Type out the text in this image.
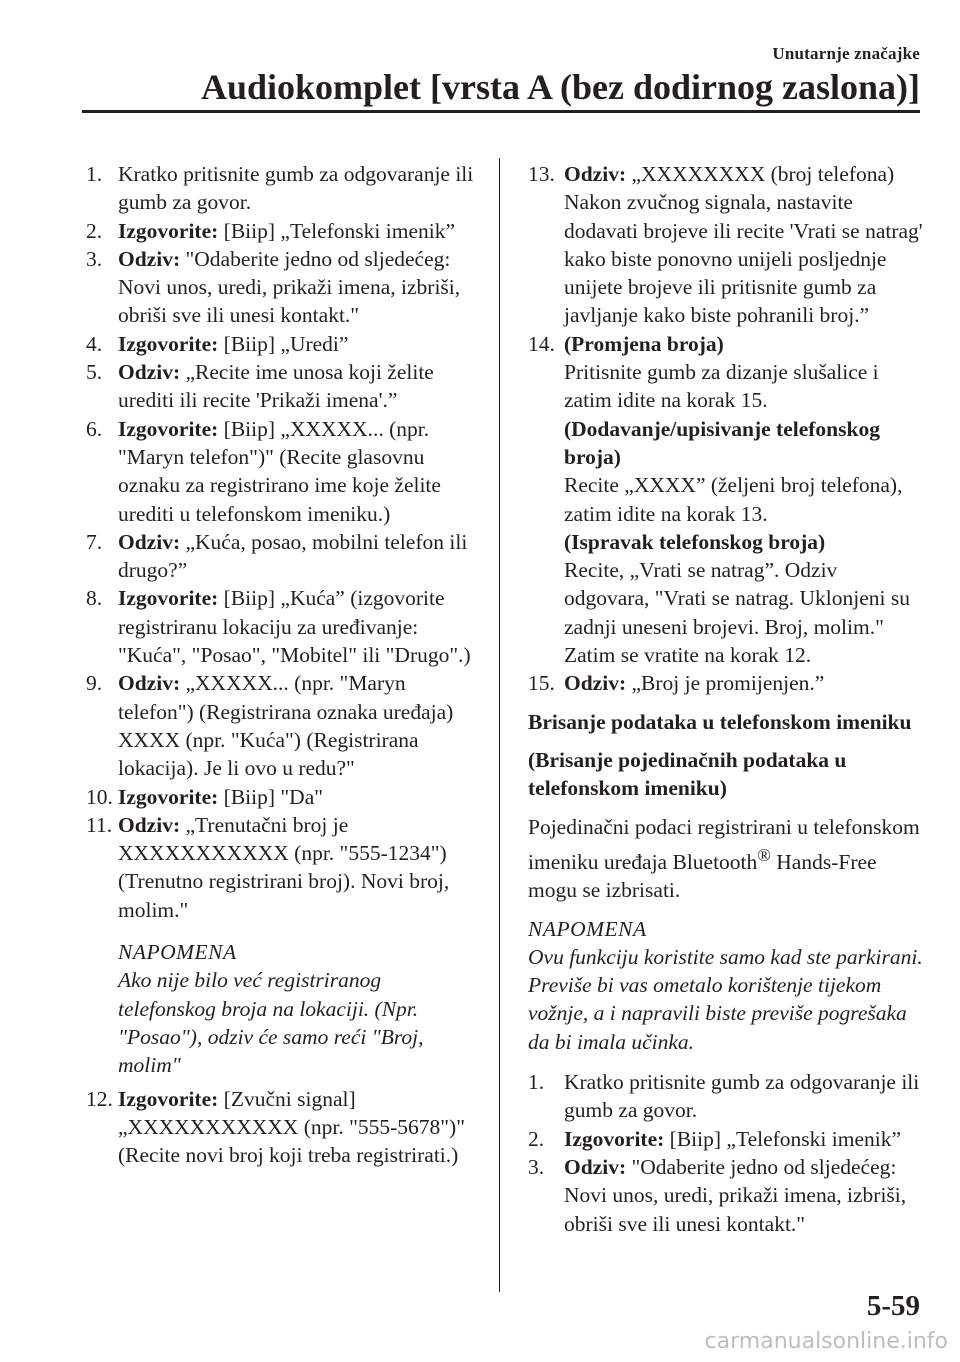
Unutarnje značajke
Audiokomplet [vrsta A (bez dodirnog zaslona)]
1. Kratko pritisnite gumb za odgovaranje ili gumb za govor.
2. Izgovorite: [Biip] „Telefonski imenik”
3. Odziv: "Odaberite jedno od sljedećeg: Novi unos, uredi, prikaži imena, izbriši, obriši sve ili unesi kontakt."
4. Izgovorite: [Biip] „Uredi”
5. Odziv: „Recite ime unosa koji želite urediti ili recite 'Prikaži imena'.”
6. Izgovorite: [Biip] „XXXXX... (npr. "Maryn telefon")" (Recite glasovnu oznaku za registrirano ime koje želite urediti u telefonskom imeniku.)
7. Odziv: „Kuća, posao, mobilni telefon ili drugo?”
8. Izgovorite: [Biip] „Kuća” (izgovorite registriranu lokaciju za uređivanje: "Kuća", "Posao", "Mobitel" ili "Drugo".)
9. Odziv: „XXXXX... (npr. "Maryn telefon") (Registrirana oznaka uređaja) XXXX (npr. "Kuća") (Registrirana lokacija). Je li ovo u redu?"
10. Izgovorite: [Biip] "Da"
11. Odziv: „Trenutačni broj je XXXXXXXXXXX (npr. "555-1234") (Trenutno registrirani broj). Novi broj, molim."
NAPOMENA
Ako nije bilo već registriranog telefonskog broja na lokaciji. (Npr. "Posao"), odziv će samo reći "Broj, molim"
12. Izgovorite: [Zvučni signal] „XXXXXXXXXXX (npr. "555-5678")" (Recite novi broj koji treba registrirati.)
13. Odziv: „XXXXXXXX (broj telefona) Nakon zvučnog signala, nastavite dodavati brojeve ili recite 'Vrati se natrag' kako biste ponovno unijeli posljednje unijete brojeve ili pritisnite gumb za javljanje kako biste pohranili broj.”
14. (Promjena broja)
Pritisnite gumb za dizanje slušalice i zatim idite na korak 15.
(Dodavanje/upisivanje telefonskog broja)
Recite „XXXX” (željeni broj telefona), zatim idite na korak 13.
(Ispravak telefonskog broja)
Recite, „Vrati se natrag”. Odziv odgovara, "Vrati se natrag. Uklonjeni su zadnji uneseni brojevi. Broj, molim." Zatim se vratite na korak 12.
15. Odziv: „Broj je promijenjen.”
Brisanje podataka u telefonskom imeniku
(Brisanje pojedinačnih podataka u telefonskom imeniku)
Pojedinačni podaci registrirani u telefonskom imeniku uređaja Bluetooth® Hands-Free mogu se izbrisati.
NAPOMENA
Ovu funkciju koristite samo kad ste parkirani. Previše bi vas ometalo korištenje tijekom vožnje, a i napravili biste previše pogrešaka da bi imala učinka.
1. Kratko pritisnite gumb za odgovaranje ili gumb za govor.
2. Izgovorite: [Biip] „Telefonski imenik”
3. Odziv: "Odaberite jedno od sljedećeg: Novi unos, uredi, prikaži imena, izbriši, obriši sve ili unesi kontakt."
5-59
carmanualsonline.info
